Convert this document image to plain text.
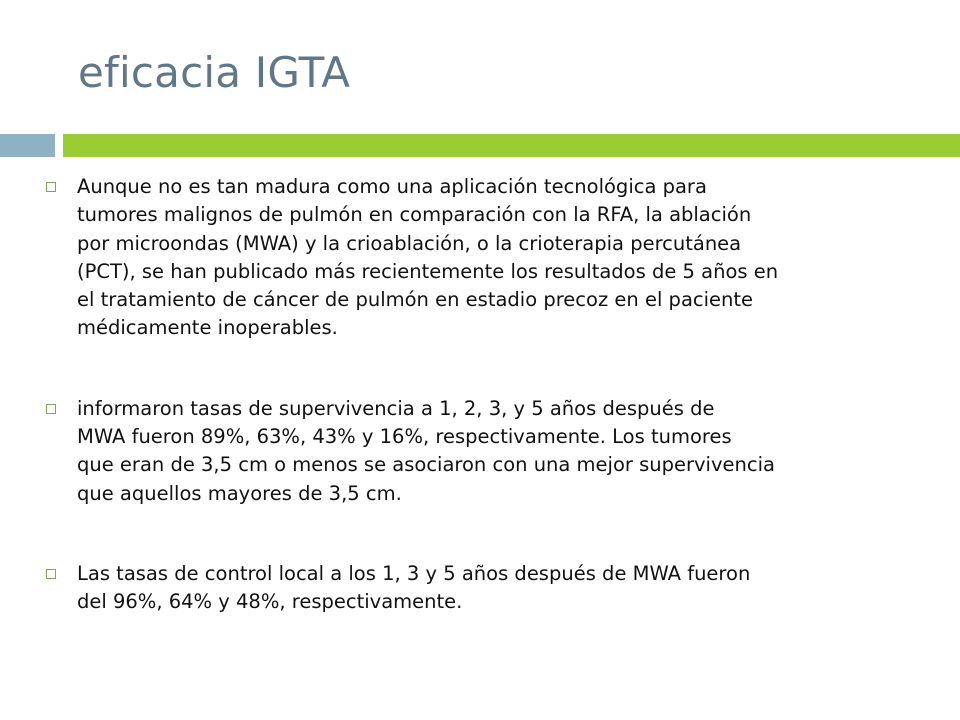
eficacia IGTA
Aunque no es tan madura como una aplicación tecnológica para
tumores malignos de pulmón en comparación con la RFA, la ablación
por microondas (MWA) y la crioablación, o la crioterapia percutánea
(PCT), se han publicado más recientemente los resultados de 5 años en
el tratamiento de cáncer de pulmón en estadio precoz en el paciente
médicamente inoperables.
informaron tasas de supervivencia a 1, 2, 3, y 5 años después de
MWA fueron 89%, 63%, 43% y 16%, respectivamente. Los tumores
que eran de 3,5 cm o menos se asociaron con una mejor supervivencia
que aquellos mayores de 3,5 cm.
Las tasas de control local a los 1, 3 y 5 años después de MWA fueron
del 96%, 64% y 48%, respectivamente.
